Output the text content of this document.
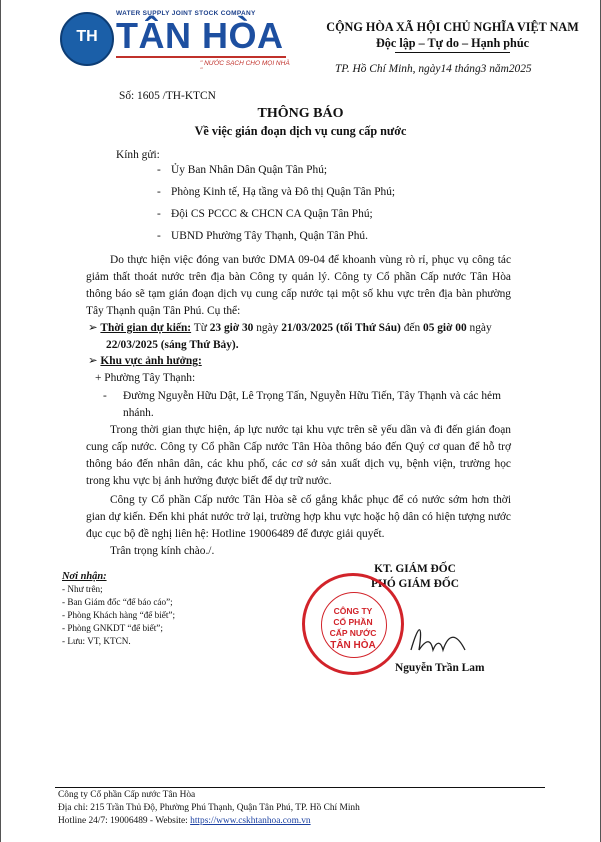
TH
WATER SUPPLY JOINT STOCK COMPANY
TÂN HÒA
" NƯỚC SẠCH CHO MỌI NHÀ "
CỘNG HÒA XÃ HỘI CHỦ NGHĨA VIỆT NAM
Độc lập – Tự do – Hạnh phúc
TP. Hồ Chí Minh, ngày14 tháng3 năm2025
Số: 1605 /TH-KTCN
THÔNG BÁO
Về việc gián đoạn dịch vụ cung cấp nước
Kính gửi:
- Ủy Ban Nhân Dân Quận Tân Phú;
- Phòng Kinh tế, Hạ tầng và Đô thị Quận Tân Phú;
- Đội CS PCCC & CHCN CA Quận Tân Phú;
- UBND Phường Tây Thạnh, Quận Tân Phú.
Do thực hiện việc đóng van bước DMA 09-04 để khoanh vùng rò rỉ, phục vụ công tác giảm thất thoát nước trên địa bàn Công ty quản lý. Công ty Cổ phần Cấp nước Tân Hòa thông báo sẽ tạm gián đoạn dịch vụ cung cấp nước tại một số khu vực trên địa bàn phường Tây Thạnh quận Tân Phú. Cụ thể:
➢ Thời gian dự kiến: Từ 23 giờ 30 ngày 21/03/2025 (tối Thứ Sáu) đến 05 giờ 00 ngày
22/03/2025 (sáng Thứ Bảy).
➢ Khu vực ảnh hưởng:
+ Phường Tây Thạnh:
- Đường Nguyễn Hữu Dật, Lê Trọng Tấn, Nguyễn Hữu Tiến, Tây Thạnh và các hẻm
nhánh.
Trong thời gian thực hiện, áp lực nước tại khu vực trên sẽ yếu dần và đi đến gián đoạn cung cấp nước. Công ty Cổ phần Cấp nước Tân Hòa thông báo đến Quý cơ quan để hỗ trợ thông báo đến nhân dân, các khu phố, các cơ sở sản xuất dịch vụ, bệnh viện, trường học trong khu vực bị ảnh hưởng được biết để dự trữ nước.
Công ty Cổ phần Cấp nước Tân Hòa sẽ cố gắng khắc phục để có nước sớm hơn thời gian dự kiến. Đến khi phát nước trở lại, trường hợp khu vực hoặc hộ dân có hiện tượng nước đục cục bộ đề nghị liên hệ: Hotline 19006489 để được giải quyết.
Trân trọng kính chào./.
Nơi nhận:
- Như trên;
- Ban Giám đốc “để báo cáo”;
- Phòng Khách hàng “để biết”;
- Phòng GNKDT “để biết”;
- Lưu: VT, KTCN.
KT. GIÁM ĐỐC
PHÓ GIÁM ĐỐC
CÔNG TY
CỔ PHẦN
CẤP NƯỚC
TÂN HÒA
Nguyễn Trần Lam
Công ty Cổ phần Cấp nước Tân Hòa
Địa chỉ: 215 Trần Thủ Độ, Phường Phú Thạnh, Quận Tân Phú, TP. Hồ Chí Minh
Hotline 24/7: 19006489 - Website: https://www.cskhtanhoa.com.vn
